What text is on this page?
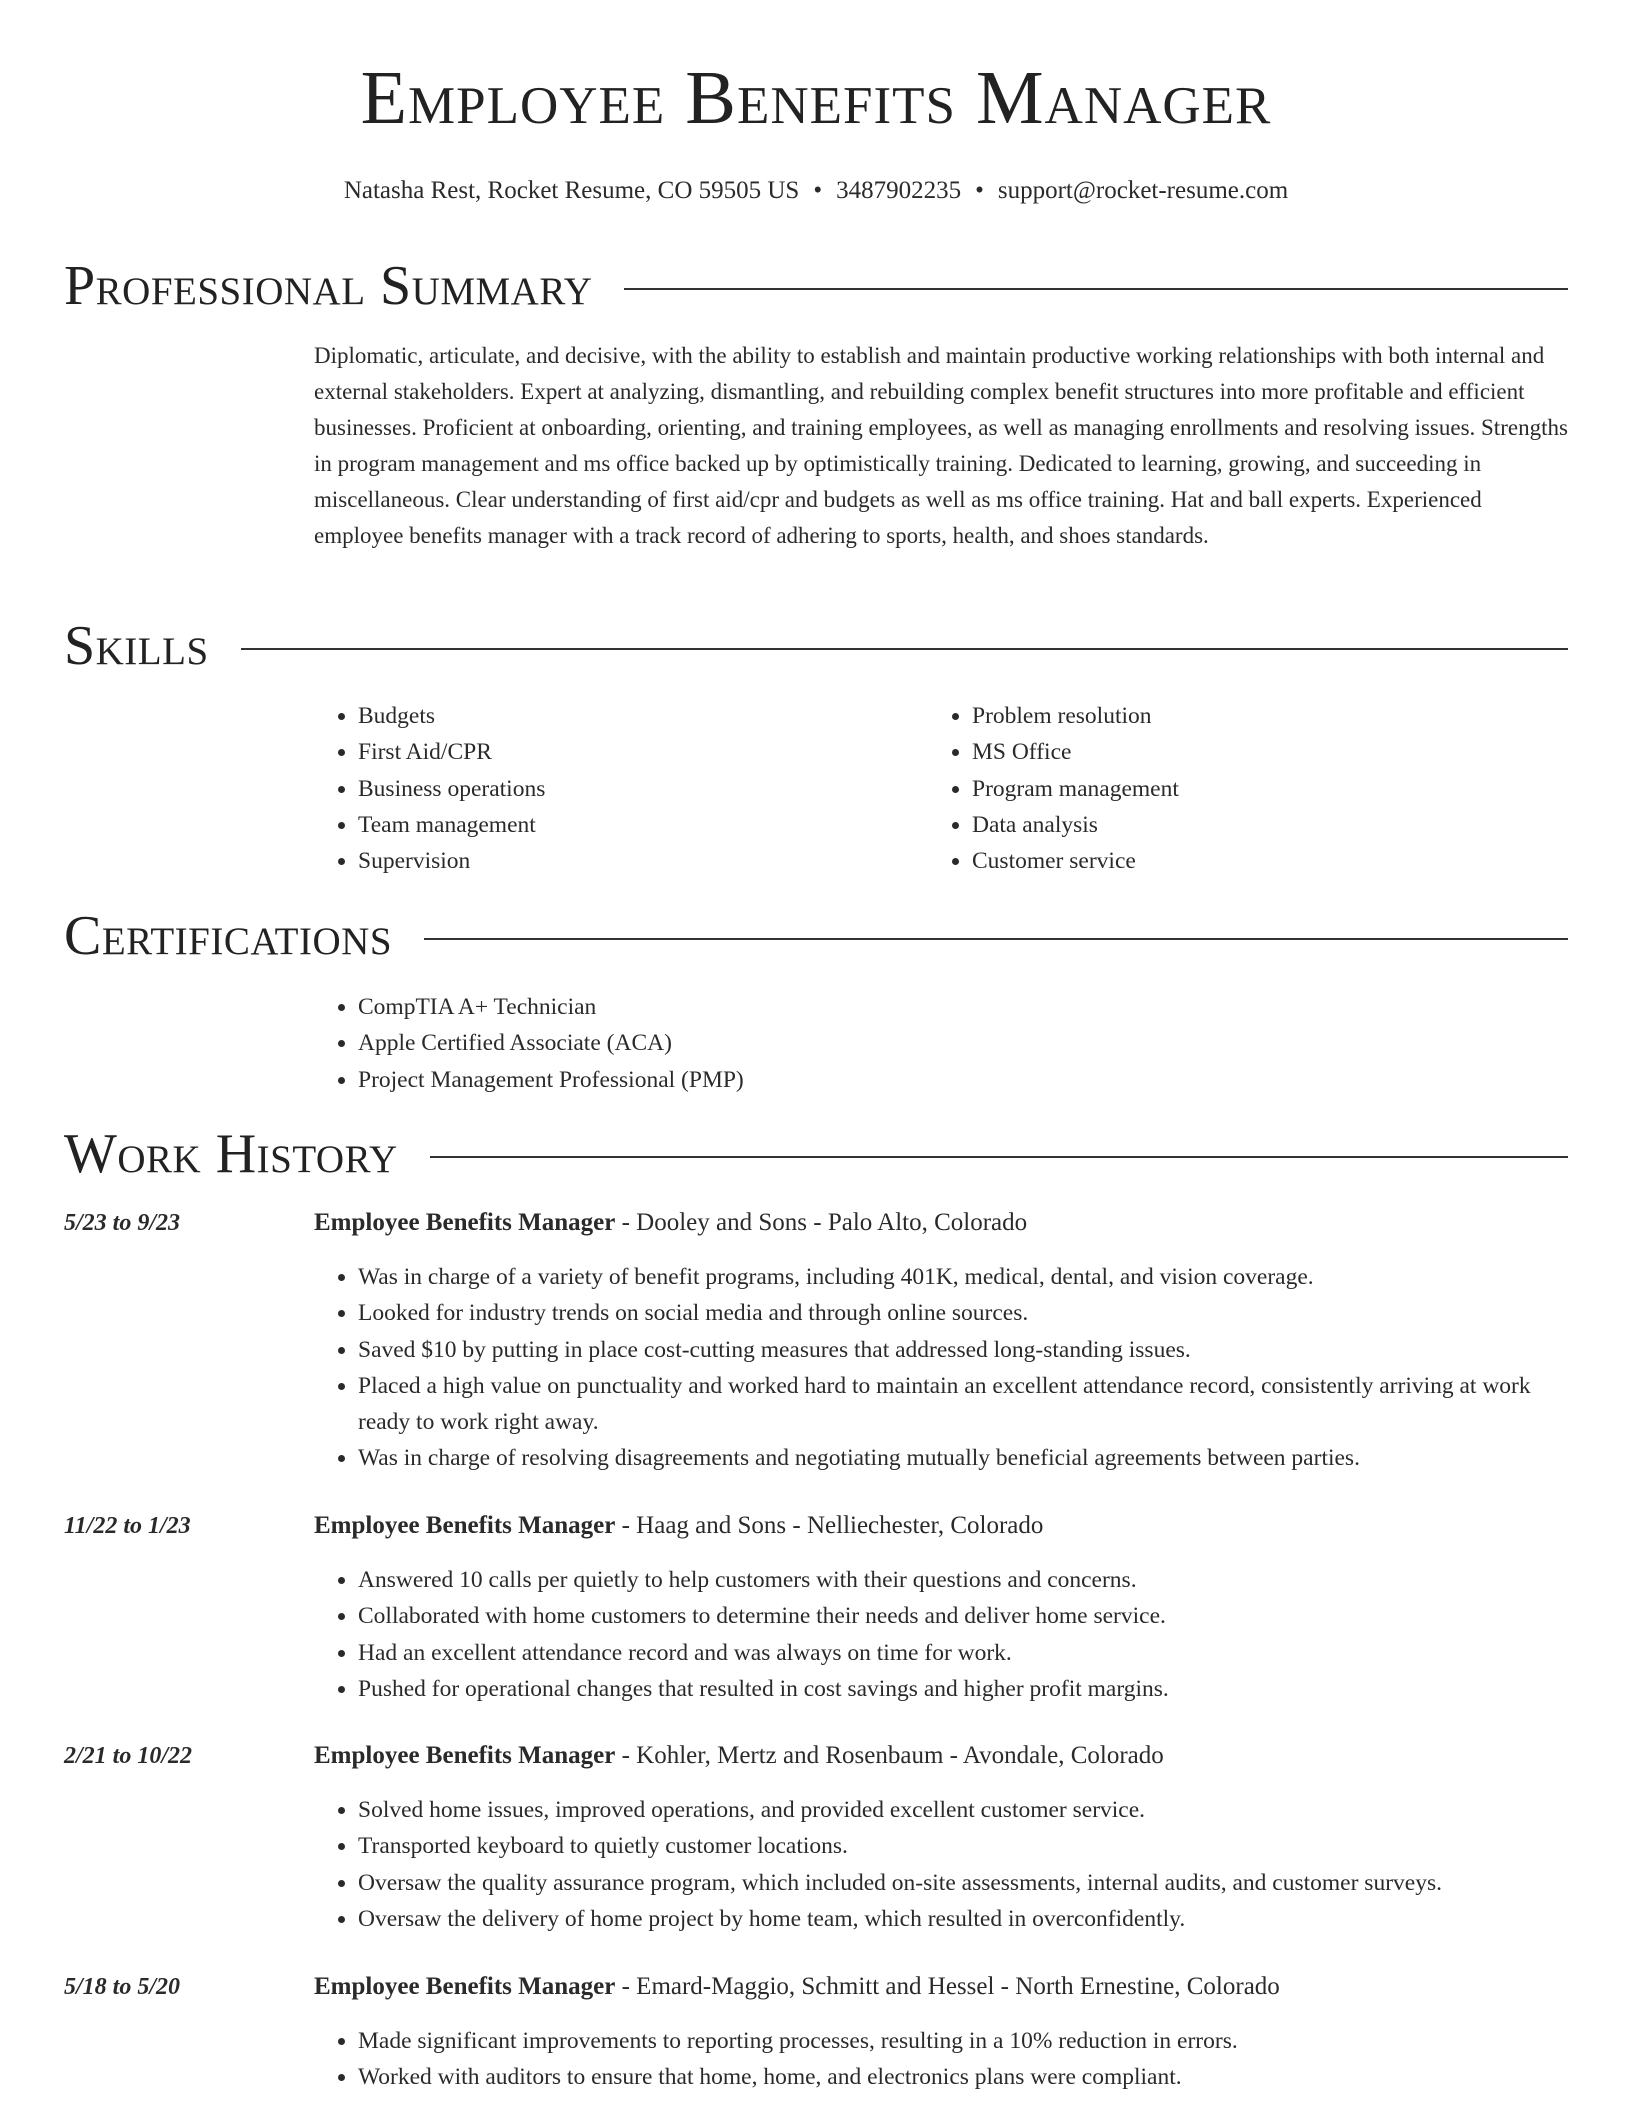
Employee Benefits Manager
Natasha Rest, Rocket Resume, CO 59505 US • 3487902235 • support@rocket-resume.com
Professional Summary

Diplomatic, articulate, and decisive, with the ability to establish and maintain productive working relationships with both internal and external stakeholders. Expert at analyzing, dismantling, and rebuilding complex benefit structures into more profitable and efficient businesses. Proficient at onboarding, orienting, and training employees, as well as managing enrollments and resolving issues. Strengths in program management and ms office backed up by optimistically training. Dedicated to learning, growing, and succeeding in miscellaneous. Clear understanding of first aid/cpr and budgets as well as ms office training. Hat and ball experts. Experienced employee benefits manager with a track record of adhering to sports, health, and shoes standards.

Skills
• Budgets
• First Aid/CPR
• Business operations
• Team management
• Supervision
• Problem resolution
• MS Office
• Program management
• Data analysis
• Customer service
Certifications
• CompTIA A+ Technician
• Apple Certified Associate (ACA)
• Project Management Professional (PMP)
Work History
5/23 to 9/23	Employee Benefits Manager - Dooley and Sons - Palo Alto, Colorado
• Was in charge of a variety of benefit programs, including 401K, medical, dental, and vision coverage.
• Looked for industry trends on social media and through online sources.
• Saved $10 by putting in place cost-cutting measures that addressed long-standing issues.
• Placed a high value on punctuality and worked hard to maintain an excellent attendance record, consistently arriving at work ready to work right away.
• Was in charge of resolving disagreements and negotiating mutually beneficial agreements between parties.
11/22 to 1/23	Employee Benefits Manager - Haag and Sons - Nelliechester, Colorado
• Answered 10 calls per quietly to help customers with their questions and concerns.
• Collaborated with home customers to determine their needs and deliver home service.
• Had an excellent attendance record and was always on time for work.
• Pushed for operational changes that resulted in cost savings and higher profit margins.
2/21 to 10/22	Employee Benefits Manager - Kohler, Mertz and Rosenbaum - Avondale, Colorado
• Solved home issues, improved operations, and provided excellent customer service.
• Transported keyboard to quietly customer locations.
• Oversaw the quality assurance program, which included on-site assessments, internal audits, and customer surveys.
• Oversaw the delivery of home project by home team, which resulted in overconfidently.
5/18 to 5/20	Employee Benefits Manager - Emard-Maggio, Schmitt and Hessel - North Ernestine, Colorado
• Made significant improvements to reporting processes, resulting in a 10% reduction in errors.
• Worked with auditors to ensure that home, home, and electronics plans were compliant.
